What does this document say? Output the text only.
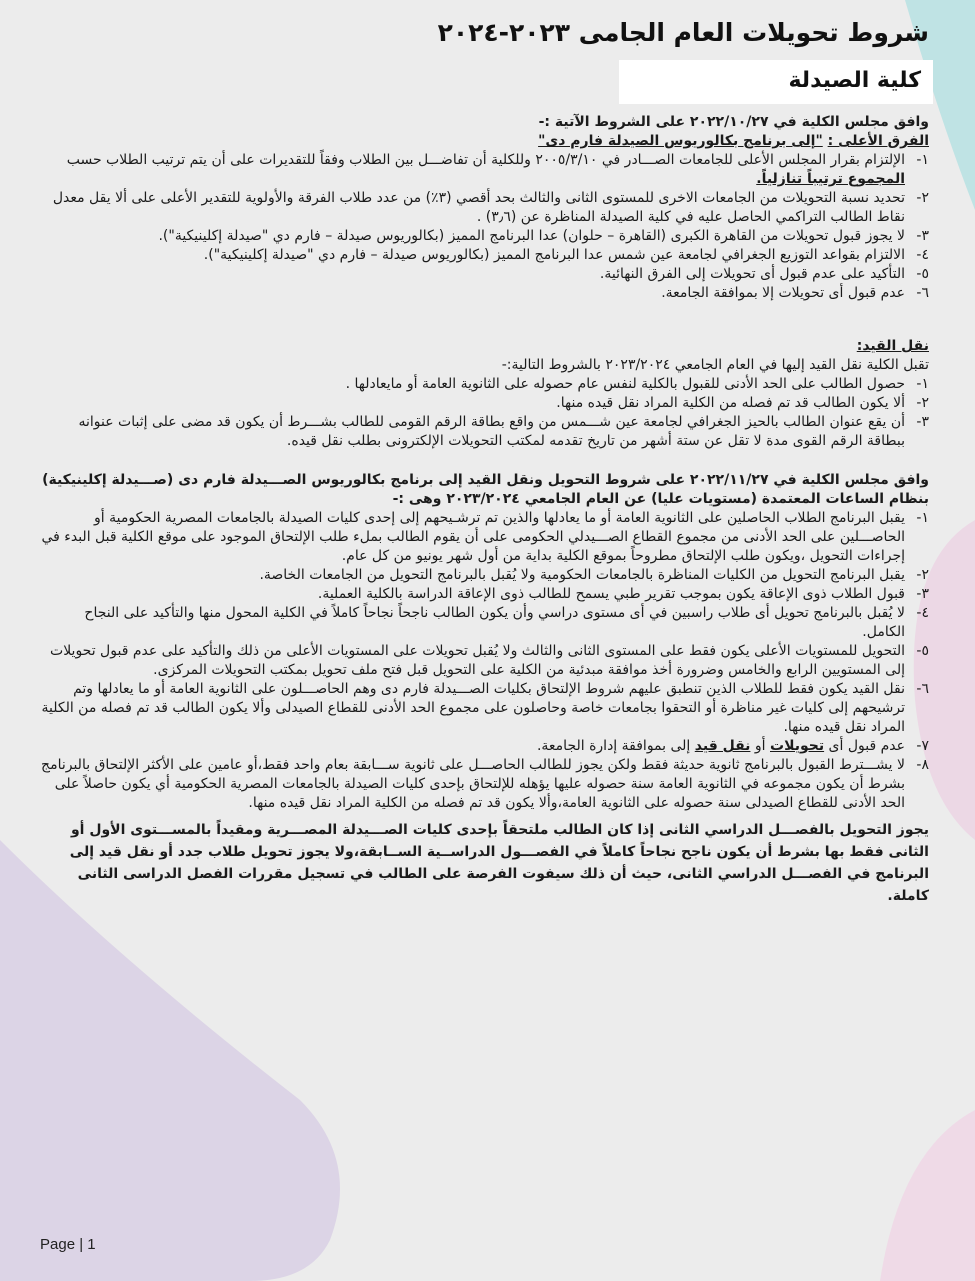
شروط تحويلات العام الجامى ٢٠٢٣-٢٠٢٤
كلية الصيدلة

وافق مجلس الكلية في ٢٠٢٢/١٠/٢٧ على الشروط الآتية :-

الفرق الأعلى : "إلى برنامج بكالوريوس الصيدلة فارم دى"

١-
الإلتزام بقرار المجلس الأعلى للجامعات الصـــادر في ٢٠٠٥/٣/١٠ وللكلية أن تفاضـــل بين الطلاب وفقاً للتقديرات على أن يتم ترتيب الطلاب حسب المجموع ترتيباً تنازلياً.
٢-
تحديد نسبة التحويلات من الجامعات الاخرى للمستوى الثانى والثالث بحد أقصي (٣٪) من عدد طلاب الفرقة والأولوية للتقدير الأعلى على ألا يقل معدل نقاط الطالب التراكمي الحاصل عليه في كلية الصيدلة المناظرة عن (٣٫٦) .
٣-
لا يجوز قبول تحويلات من القاهرة الكبرى (القاهرة – حلوان) عدا البرنامج المميز (بكالوريوس صيدلة – فارم دي "صيدلة إكلينيكية").
٤-
الالتزام بقواعد التوزيع الجغرافي لجامعة عين شمس عدا البرنامج المميز (بكالوريوس صيدلة – فارم دي "صيدلة إكلينيكية").
٥-
التأكيد على عدم قبول أى تحويلات إلى الفرق النهائية.
٦-
عدم قبول أى تحويلات إلا بموافقة الجامعة.

نقل القيد:

تقبل الكلية نقل القيد إليها في العام الجامعي ٢٠٢٣/٢٠٢٤ بالشروط التالية:-

١-
حصول الطالب على الحد الأدنى للقبول بالكلية لنفس عام حصوله على الثانوية العامة أو مايعادلها .
٢-
ألا يكون الطالب قد تم فصله من الكلية المراد نقل قيده منها.
٣-
أن يقع عنوان الطالب بالحيز الجغرافي لجامعة عين شـــمس من واقع بطاقة الرقم القومى للطالب بشـــرط أن يكون قد مضى على إثبات عنوانه ببطاقة الرقم القوى مدة لا تقل عن ستة أشهر من تاريخ تقدمه لمكتب التحويلات الإلكترونى بطلب نقل قيده.

وافق مجلس الكلية في ٢٠٢٢/١١/٢٧ على شروط التحويل ونقل القيد إلى برنامج بكالوريوس الصـــيدلة فارم دى (صـــيدلة إكلينيكية) بنظام الساعات المعتمدة (مستويات عليا) عن العام الجامعي ٢٠٢٣/٢٠٢٤ وهى :-

١-
يقبل البرنامج الطلاب الحاصلين على الثانوية العامة أو ما يعادلها والذين تم ترشـيحهم إلى إحدى كليات الصيدلة بالجامعات المصرية الحكومية أو الحاصـــلين على الحد الأدنى من مجموع القطاع الصـــيدلي الحكومى على أن يقوم الطالب بملء طلب الإلتحاق الموجود على موقع الكلية قبل البدء في إجراءات التحويل ،ويكون طلب الإلتحاق مطروحاً بموقع الكلية بداية من أول شهر يونيو من كل عام.
٢-
يقبل البرنامج التحويل من الكليات المناظرة بالجامعات الحكومية ولا يُقبل بالبرنامج التحويل من الجامعات الخاصة.
٣-
قبول الطلاب ذوى الإعاقة يكون بموجب تقرير طبي يسمح للطالب ذوى الإعاقة الدراسة بالكلية العملية.
٤-
لا يُقبل بالبرنامج تحويل أى طلاب راسبين في أى مستوى دراسي وأن يكون الطالب ناجحاً نجاحاً كاملاً في الكلية المحول منها والتأكيد على النجاح الكامل.
٥-
التحويل للمستويات الأعلى يكون فقط على المستوى الثانى والثالث ولا يُقبل تحويلات على المستويات الأعلى من ذلك والتأكيد على عدم قبول تحويلات إلى المستويين الرابع والخامس وضرورة أخذ موافقة مبدئية من الكلية على التحويل قبل فتح ملف تحويل بمكتب التحويلات المركزى.
٦-
نقل القيد يكون فقط للطلاب الذين تنطبق عليهم شروط الإلتحاق بكليات الصـــيدلة فارم دى وهم الحاصـــلون على الثانوية العامة أو ما يعادلها وتم ترشيحهم إلى كليات غير مناظرة أو التحقوا بجامعات خاصة وحاصلون على مجموع الحد الأدنى للقطاع الصيدلى وألا يكون الطالب قد تم فصله من الكلية المراد نقل قيده منها.
٧-
عدم قبول أى تحويلات أو نقل قيد إلى بموافقة إدارة الجامعة.
٨-
لا يشـــترط القبول بالبرنامج ثانوية حديثة فقط ولكن يجوز للطالب الحاصـــل على ثانوية ســـابقة بعام واحد فقط،أو عامين على الأكثر الإلتحاق بالبرنامج بشرط أن يكون مجموعه في الثانوية العامة سنة حصوله عليها يؤهله للإلتحاق بإحدى كليات الصيدلة بالجامعات المصرية الحكومية أي يكون حاصلاً على الحد الأدنى للقطاع الصيدلى سنة حصوله على الثانوية العامة،وألا يكون قد تم فصله من الكلية المراد نقل قيده منها.

يجوز التحويل بالفصـــل الدراسي الثانى إذا كان الطالب ملتحقاً بإحدى كليات الصـــيدلة المصـــرية ومقيداً بالمســـتوى الأول أو الثانى فقط بها بشرط أن يكون ناجح نجاحاً كاملاً في الفصـــول الدراســية الســابقة،ولا يجوز تحويل طلاب جدد أو نقل قيد إلى البرنامج في الفصـــل الدراسي الثانى، حيث أن ذلك سيفوت الفرصة على الطالب في تسجيل مقررات الفصل الدراسى الثانى كاملة.

Page | 1
